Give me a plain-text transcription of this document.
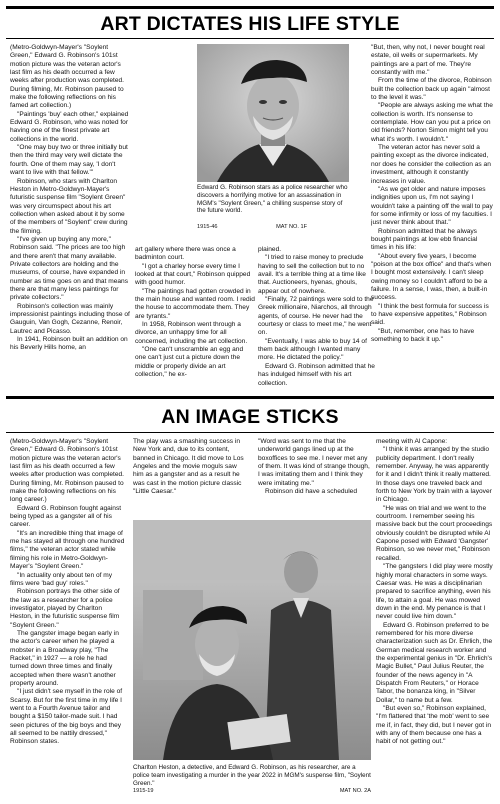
ART DICTATES HIS LIFE STYLE

(Metro-Goldwyn-Mayer's "Soylent Green," Edward G. Robinson's 101st motion picture was the veteran actor's last film as his death occurred a few weeks after production was completed. During filming, Mr. Robinson paused to make the following reflections on his famed art collection.)

"Paintings 'buy' each other," explained Edward G. Robinson, who was noted for having one of the finest private art collections in the world.

"One may buy two or three initially but then the third may very well dictate the fourth. One of them may say, 'I don't want to live with that fellow.'"

Robinson, who stars with Charlton Heston in Metro-Goldwyn-Mayer's futuristic suspense film "Soylent Green" was very circumspect about his art collection when asked about it by some of the members of "Soylent" crew during the filming.

"I've given up buying any more," Robinson said. "The prices are too high and there aren't that many available. Private collectors are holding and the museums, of course, have expanded in number as time goes on and that means there are that many less paintings for private collectors."

Robinson's collection was mainly impressionist paintings including those of Gauguin, Van Gogh, Cezanne, Renoir, Lautrec and Picasso.

In 1941, Robinson built an addition on his Beverly Hills home, an

Edward G. Robinson stars as a police researcher who discovers a horrifying motive for an assassination in MGM's "Soylent Green," a chilling suspense story of the future world.
1915-46	MAT NO. 1F

art gallery where there was once a badminton court.

"I got a charley horse every time I looked at that court," Robinson quipped with good humor.

"The paintings had gotten crowded in the main house and wanted room. I redid the house to accommodate them. They are tyrants."

In 1958, Robinson went through a divorce, an unhappy time for all concerned, including the art collection.

"One can't unscramble an egg and one can't just cut a picture down the middle or properly divide an art collection," he ex-

plained.

"I tried to raise money to preclude having to sell the collection but to no avail. It's a terrible thing at a time like that. Auctioneers, hyenas, ghouls, appear out of nowhere.

"Finally, 72 paintings were sold to the Greek millionaire, Niarchos, all through agents, of course. He never had the courtesy or class to meet me," he went on.

"Eventually, I was able to buy 14 of them back although I wanted many more. He dictated the policy."

Edward G. Robinson admitted that he has indulged himself with his art collection.

"But, then, why not, I never bought real estate, oil wells or supermarkets. My paintings are a part of me. They're constantly with me."

From the time of the divorce, Robinson built the collection back up again "almost to the level it was."

"People are always asking me what the collection is worth. It's nonsense to contemplate. How can you put a price on old friends? Norton Simon might tell you what it's worth. I wouldn't."

The veteran actor has never sold a painting except as the divorce indicated, nor does he consider the collection as an investment, although it constantly increases in value.

"As we get older and nature imposes indignities upon us, I'm not saying I wouldn't take a painting off the wall to pay for some infirmity or loss of my faculties. I just never think about that."

Robinson admitted that he always bought paintings at low ebb financial times in his life:

"About every five years, I become "poison at the box office" and that's when I bought most extensively. I can't sleep owing money so I couldn't afford to be a failure. In a sense, I was, then, a built-in success.

"I think the best formula for success is to have expensive appetites," Robinson said.

"But, remember, one has to have something to back it up."

AN IMAGE STICKS

(Metro-Goldwyn-Mayer's "Soylent Green," Edward G. Robinson's 101st motion picture was the veteran actor's last film as his death occurred a few weeks after production was completed. During filming, Mr. Robinson paused to make the following reflections on his long career.)

Edward G. Robinson fought against being typed as a gangster all of his career.

"It's an incredible thing that image of me has stayed all through one hundred films," the veteran actor stated while filming his role in Metro-Goldwyn-Mayer's "Soylent Green."

"In actuality only about ten of my films were 'bad guy' roles."

Robinson portrays the other side of the law as a researcher for a police investigator, played by Charlton Heston, in the futuristic suspense film "Soylent Green."

The gangster image began early in the actor's career when he played a mobster in a Broadway play, "The Racket," in 1927 — a role he had turned down three times and finally accepted when there wasn't another property around.

"I just didn't see myself in the role of Scarsy. But for the first time in my life I went to a Fourth Avenue tailor and bought a $150 tailor-made suit. I had seen pictures of the big boys and they all seemed to be nattily dressed," Robinson states.

The play was a smashing success in New York and, due to its content, banned in Chicago. It did move to Los Angeles and the movie moguls saw him as a gangster and as a result he was cast in the motion picture classic "Little Caesar."

"Word was sent to me that the underworld gangs lined up at the boxoffices to see me. I never met any of them. It was kind of strange though, I was imitating them and I think they were imitating me."

Robinson did have a scheduled

Charlton Heston, a detective, and Edward G. Robinson, as his researcher, are a police team investigating a murder in the year 2022 in MGM's suspense film, "Soylent Green."
1915-19	MAT NO. 2A

meeting with Al Capone:

"I think it was arranged by the studio publicity department. I don't really remember. Anyway, he was apparently for it and I didn't think it really mattered. In those days one traveled back and forth to New York by train with a layover in Chicago.

"He was on trial and we went to the courtroom. I remember seeing his massive back but the court proceedings obviously couldn't be disrupted while Al Capone posed with Edward 'Gangster' Robinson, so we never met," Robinson recalled.

"The gangsters I did play were mostly highly moral characters in some ways. Caesar was. He was a disciplinarian prepared to sacrifice anything, even his life, to attain a goal. He was mowed down in the end. My penance is that I never could live him down."

Edward G. Robinson preferred to be remembered for his more diverse characterization such as Dr. Ehrlich, the German medical research worker and the experimental genius in "Dr. Ehrlich's Magic Bullet," Paul Julius Reuter, the founder of the news agency in "A Dispatch From Reuters," or Horace Tabor, the bonanza king, in "Silver Dollar," to name but a few.

"But even so," Robinson explained, "I'm flattered that 'the mob' went to see me if, in fact, they did, but I never got in with any of them because one has a habit of not getting out."
